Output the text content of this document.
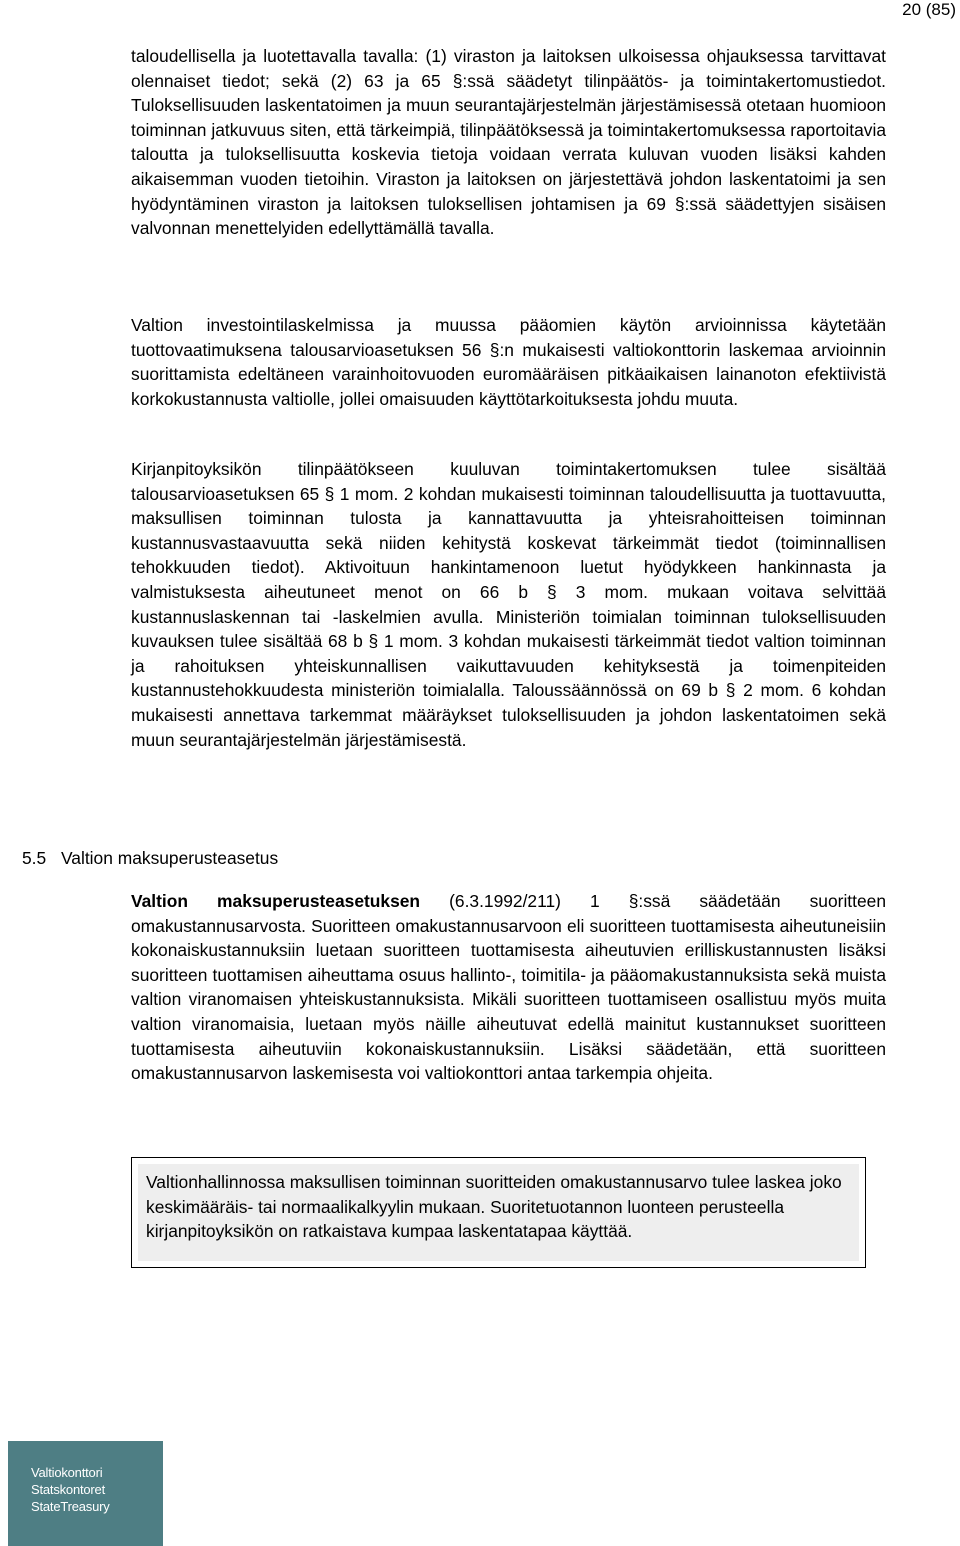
20 (85)

taloudellisella ja luotettavalla tavalla: (1) viraston ja laitoksen ulkoisessa ohjauksessa tarvittavat olennaiset tiedot; sekä (2) 63 ja 65 §:ssä säädetyt tilinpäätös- ja toimintakertomustiedot. Tuloksellisuuden laskentatoimen ja muun seurantajärjestelmän järjestämisessä otetaan huomioon toiminnan jatkuvuus siten, että tärkeimpiä, tilinpäätöksessä ja toimintakertomuksessa raportoitavia taloutta ja tuloksellisuutta koskevia tietoja voidaan verrata kuluvan vuoden lisäksi kahden aikaisemman vuoden tietoihin. Viraston ja laitoksen on järjestettävä johdon laskentatoimi ja sen hyödyntäminen viraston ja laitoksen tuloksellisen johtamisen ja 69 §:ssä säädettyjen sisäisen valvonnan menettelyiden edellyttämällä tavalla.

Valtion investointilaskelmissa ja muussa pääomien käytön arvioinnissa käytetään tuottovaatimuksena talousarvioasetuksen 56 §:n mukaisesti valtiokonttorin laskemaa arvioinnin suorittamista edeltäneen varainhoitovuoden euromääräisen pitkäaikaisen lainanoton efektiivistä korkokustannusta valtiolle, jollei omaisuuden käyttötarkoituksesta johdu muuta.

Kirjanpitoyksikön tilinpäätökseen kuuluvan toimintakertomuksen tulee sisältää talousarvioasetuksen 65 § 1 mom. 2 kohdan mukaisesti toiminnan taloudellisuutta ja tuottavuutta, maksullisen toiminnan tulosta ja kannattavuutta ja yhteisrahoitteisen toiminnan kustannusvastaavuutta sekä niiden kehitystä koskevat tärkeimmät tiedot (toiminnallisen tehokkuuden tiedot). Aktivoituun hankintamenoon luetut hyödykkeen hankinnasta ja valmistuksesta aiheutuneet menot on 66 b § 3 mom. mukaan voitava selvittää kustannuslaskennan tai -laskelmien avulla. Ministeriön toimialan toiminnan tuloksellisuuden kuvauksen tulee sisältää 68 b § 1 mom. 3 kohdan mukaisesti tärkeimmät tiedot valtion toiminnan ja rahoituksen yhteiskunnallisen vaikuttavuuden kehityksestä ja toimenpiteiden kustannustehokkuudesta ministeriön toimialalla. Taloussäännössä on 69 b § 2 mom. 6 kohdan mukaisesti annettava tarkemmat määräykset tuloksellisuuden ja johdon laskentatoimen sekä muun seurantajärjestelmän järjestämisestä.

5.5 Valtion maksuperusteasetus

Valtion maksuperusteasetuksen (6.3.1992/211) 1 §:ssä säädetään suoritteen omakustannusarvosta. Suoritteen omakustannusarvoon eli suoritteen tuottamisesta aiheutuneisiin kokonaiskustannuksiin luetaan suoritteen tuottamisesta aiheutuvien erilliskustannusten lisäksi suoritteen tuottamisen aiheuttama osuus hallinto-, toimitila- ja pääomakustannuksista sekä muista valtion viranomaisen yhteiskustannuksista. Mikäli suoritteen tuottamiseen osallistuu myös muita valtion viranomaisia, luetaan myös näille aiheutuvat edellä mainitut kustannukset suoritteen tuottamisesta aiheutuviin kokonaiskustannuksiin. Lisäksi säädetään, että suoritteen omakustannusarvon laskemisesta voi valtiokonttori antaa tarkempia ohjeita.

Valtionhallinnossa maksullisen toiminnan suoritteiden omakustannusarvo tulee laskea joko keskimääräis- tai normaalikalkyylin mukaan. Suoritetuotannon luonteen perusteella kirjanpitoyksikön on ratkaistava kumpaa laskentatapaa käyttää.
Valtiokonttori
Statskontoret
StateTreasury
